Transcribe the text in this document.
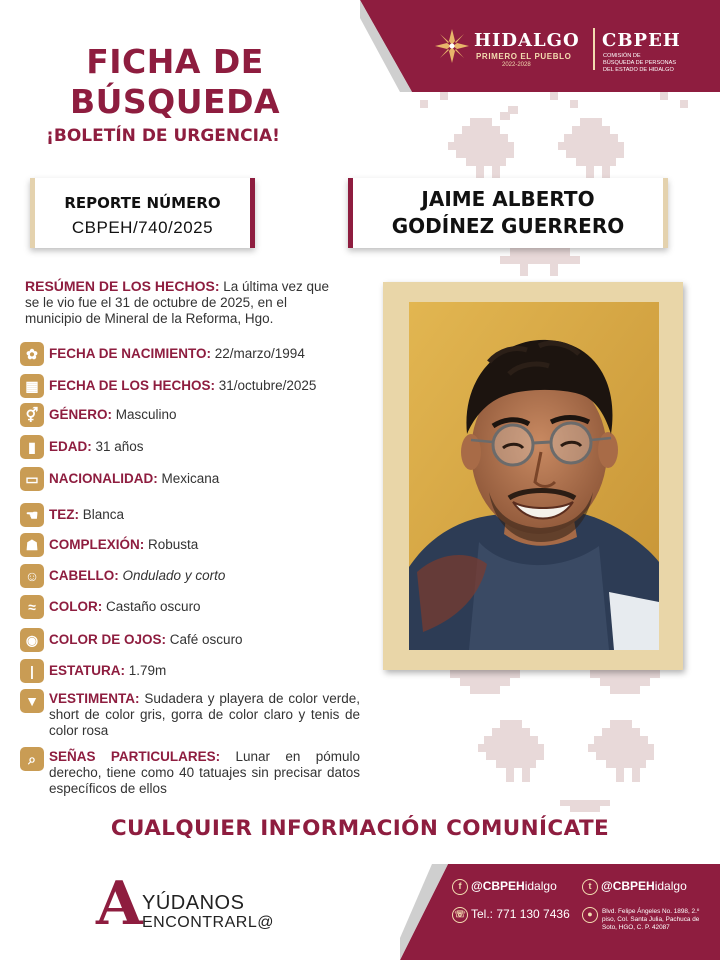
FICHA DE
BÚSQUEDA
¡BOLETÍN DE URGENCIA!
HIDALGO
PRIMERO EL PUEBLO
2022-2028
CBPEH
COMISIÓN DE
BÚSQUEDA DE PERSONAS
DEL ESTADO DE HIDALGO
REPORTE NÚMERO
CBPEH/740/2025
JAIME ALBERTO
GODÍNEZ GUERRERO
RESÚMEN DE LOS HECHOS: La última vez que se le vio fue el 31 de octubre de 2025, en el municipio de Mineral de la Reforma, Hgo.
✿ FECHA DE NACIMIENTO: 22/marzo/1994
▦ FECHA DE LOS HECHOS: 31/octubre/2025
⚥ GÉNERO: Masculino
▮ EDAD: 31 años
▭ NACIONALIDAD: Mexicana
☚ TEZ: Blanca
☗ COMPLEXIÓN: Robusta
☺ CABELLO: Ondulado y corto
≈ COLOR: Castaño oscuro
◉ COLOR DE OJOS: Café oscuro
|	ESTATURA: 1.79m
▼ VESTIMENTA: Sudadera y playera de color verde, short de color gris, gorra de color claro y tenis de color rosa
⌕ SEÑAS PARTICULARES: Lunar en pómulo derecho, tiene como 40 tatuajes sin precisar datos específicos de ellos
CUALQUIER INFORMACIÓN COMUNÍCATE
A YÚDANOS
ENCONTRARL@
f @CBPEHidalgo	t @CBPEHidalgo
☏ Tel.: 771 130 7436	●	Blvd. Felipe Ángeles No. 1898, 2.º piso, Col. Santa Julia, Pachuca de Soto, HGO, C. P. 42087
